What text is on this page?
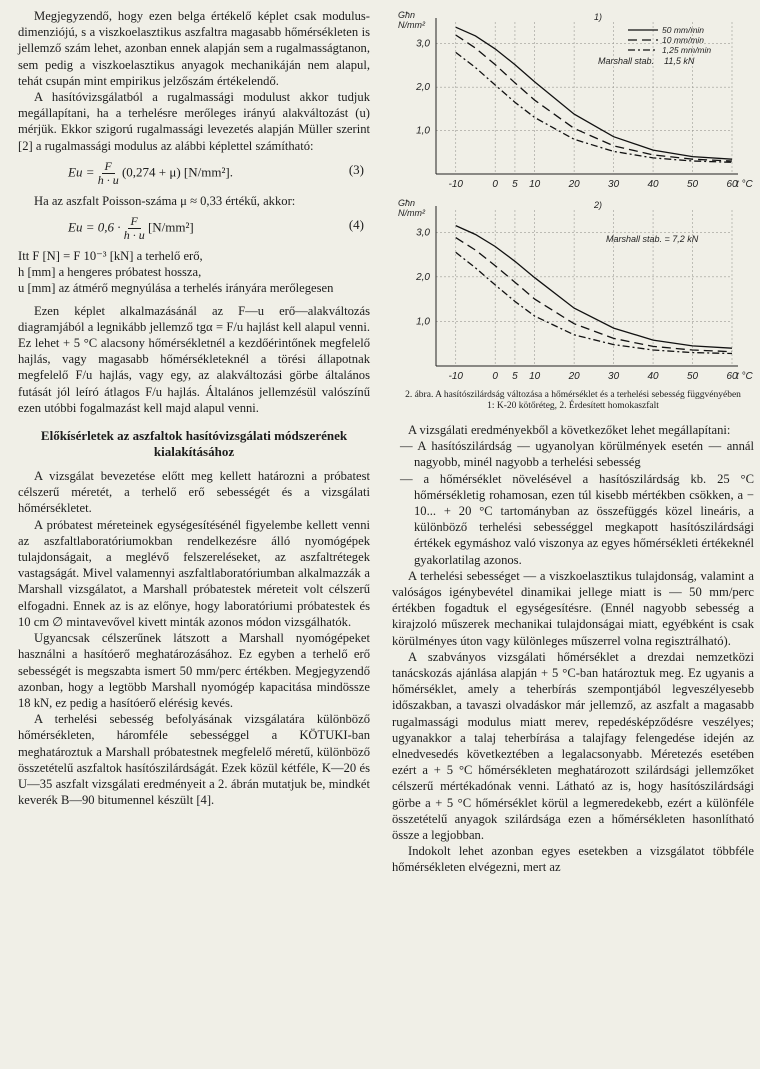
Megjegyzendő, hogy ezen belga értékelő képlet csak modulus-dimenziójú, s a viszkoelasztikus aszfaltra magasabb hőmérsékleten is jellemző szám lehet, azonban ennek alapján sem a rugalmasságtanon, sem pedig a viszkoelasztikus anyagok mechanikáján nem alapul, tehát csupán mint empirikus jelzőszám értékelendő.

A hasítóvizsgálatból a rugalmassági modulust akkor tudjuk megállapítani, ha a terhelésre merőleges irányú alakváltozást (u) mérjük. Ekkor szigorú rugalmassági levezetés alapján Müller szerint [2] a rugalmassági modulus az alábbi képlettel számítható:

$Eu = \frac{F}{h \cdot u} (0,274 + \mu)$ [N/mm²].	(3)

Ha az aszfalt Poisson-száma μ ≈ 0,33 értékű, akkor:

$Eu = 0,6 \cdot \frac{F}{h \cdot u} [N/mm^2]$	(4)
Itt F [N] = F 10⁻³ [kN] a terhelő erő,
h [mm] a hengeres próbatest hossza,
u [mm] az átmérő megnyúlása a terhelés irányára merőlegesen

Ezen képlet alkalmazásánál az F—u erő—alakváltozás diagramjából a legnikább jellemző tgα = F/u hajlást kell alapul venni. Ez lehet + 5 °C alacsony hőmérsékletnél a kezdőérintőnek megfelelő hajlás, vagy magasabb hőmérsékleteknél a törési állapotnak megfelelő F/u hajlás, vagy egy, az alakváltozási görbe általános futását jól leíró átlagos F/u hajlás. Általános jellemzésül valószínű ezen utóbbi fogalmazást kell majd alapul venni.

Előkísérletek az aszfaltok hasítóvizsgálati módszerének kialakításához

A vizsgálat bevezetése előtt meg kellett határozni a próbatest célszerű méretét, a terhelő erő sebességét és a vizsgálati hőmérsékletet.

A próbatest méreteinek egységesítésénél figyelembe kellett venni az aszfaltlaboratóriumokban rendelkezésre álló nyomógépek tulajdonságait, a meglévő felszereléseket, az aszfaltrétegek vastagságát. Mivel valamennyi aszfaltlaboratóriumban alkalmazzák a Marshall vizsgálatot, a Marshall próbatestek méreteit volt célszerű elfogadni. Ennek az is az előnye, hogy laboratóriumi próbatestek és 10 cm ∅ mintavevővel kivett minták azonos módon vizsgálhatók.

Ugyancsak célszerűnek látszott a Marshall nyomógépeket használni a hasítóerő meghatározásához. Ez egyben a terhelő erő sebességét is megszabta ismert 50 mm/perc értékben. Megjegyzendő azonban, hogy a legtöbb Marshall nyomógép kapacitása mindössze 18 kN, ez pedig a hasítóerő elérésig kevés.

A terhelési sebesség befolyásának vizsgálatára különböző hőmérsékleten, háromféle sebességgel a KÖTUKI-ban meghatároztuk a Marshall próbatestnek megfelelő méretű, különböző összetételű aszfaltok hasítószilárdságát. Ezek közül kétféle, K—20 és U—35 aszfalt vizsgálati eredményeit a 2. ábrán mutatjuk be, mindkét keverék B—90 bitumennel készült [4].

-10	0 5 10	20	30	40	50	60
1,0
2,0
3,0
Għn
N/mm²
t °C
1)
50 mm/min
10 mm/min
1,25 mm/min
Marshall stab. 11,5 kN
-10	0 5 10	20	30	40	50	60
1,0
2,0
3,0
Għn
N/mm²
t °C
2)
Marshall stab. = 7,2 kN
2. ábra. A hasítószilárdság változása a hőmérséklet és a terhelési sebesség függvényében
1: K-20 kötőréteg, 2. Érdesített homokaszfalt

A vizsgálati eredményekből a következőket lehet megállapítani:

— A hasítószilárdság — ugyanolyan körülmények esetén — annál nagyobb, minél nagyobb a terhelési sebesség
— a hőmérséklet növelésével a hasítószilárdság kb. 25 °C hőmérsékletig rohamosan, ezen túl kisebb mértékben csökken, a − 10... + 20 °C tartományban az összefüggés közel lineáris, a különböző terhelési sebességgel megkapott hasítószilárdsági értékek egymáshoz való viszonya az egyes hőmérsékleti értékeknél gyakorlatilag azonos.

A terhelési sebességet — a viszkoelasztikus tulajdonság, valamint a valóságos igénybevétel dinamikai jellege miatt is — 50 mm/perc értékben fogadtuk el egységesítésre. (Ennél nagyobb sebesség a kirajzoló műszerek mechanikai tulajdonságai miatt, egyébként is csak körülményes úton vagy különleges műszerrel volna regisztrálható).

A szabványos vizsgálati hőmérséklet a drezdai nemzetközi tanácskozás ajánlása alapján + 5 °C-ban határoztuk meg. Ez ugyanis a hőmérséklet, amely a teherbírás szempontjából legveszélyesebb időszakban, a tavaszi olvadáskor már jellemző, az aszfalt a magasabb rugalmassági modulus miatt merev, repedésképződésre veszélyes; ugyanakkor a talaj teherbírása a talajfagy felengedése idején az elnedvesedés következtében a legalacsonyabb. Méretezés esetében ezért a + 5 °C hőmérsékleten meghatározott szilárdsági jellemzőket célszerű mértékadónak venni. Látható az is, hogy hasítószilárdsági görbe a + 5 °C hőmérséklet körül a legmeredekebb, ezért a különféle összetételű anyagok szilárdsága ezen a hőmérsékleten hasonlítható össze a legjobban.

Indokolt lehet azonban egyes esetekben a vizsgálatot többféle hőmérsékleten elvégezni, mert az
